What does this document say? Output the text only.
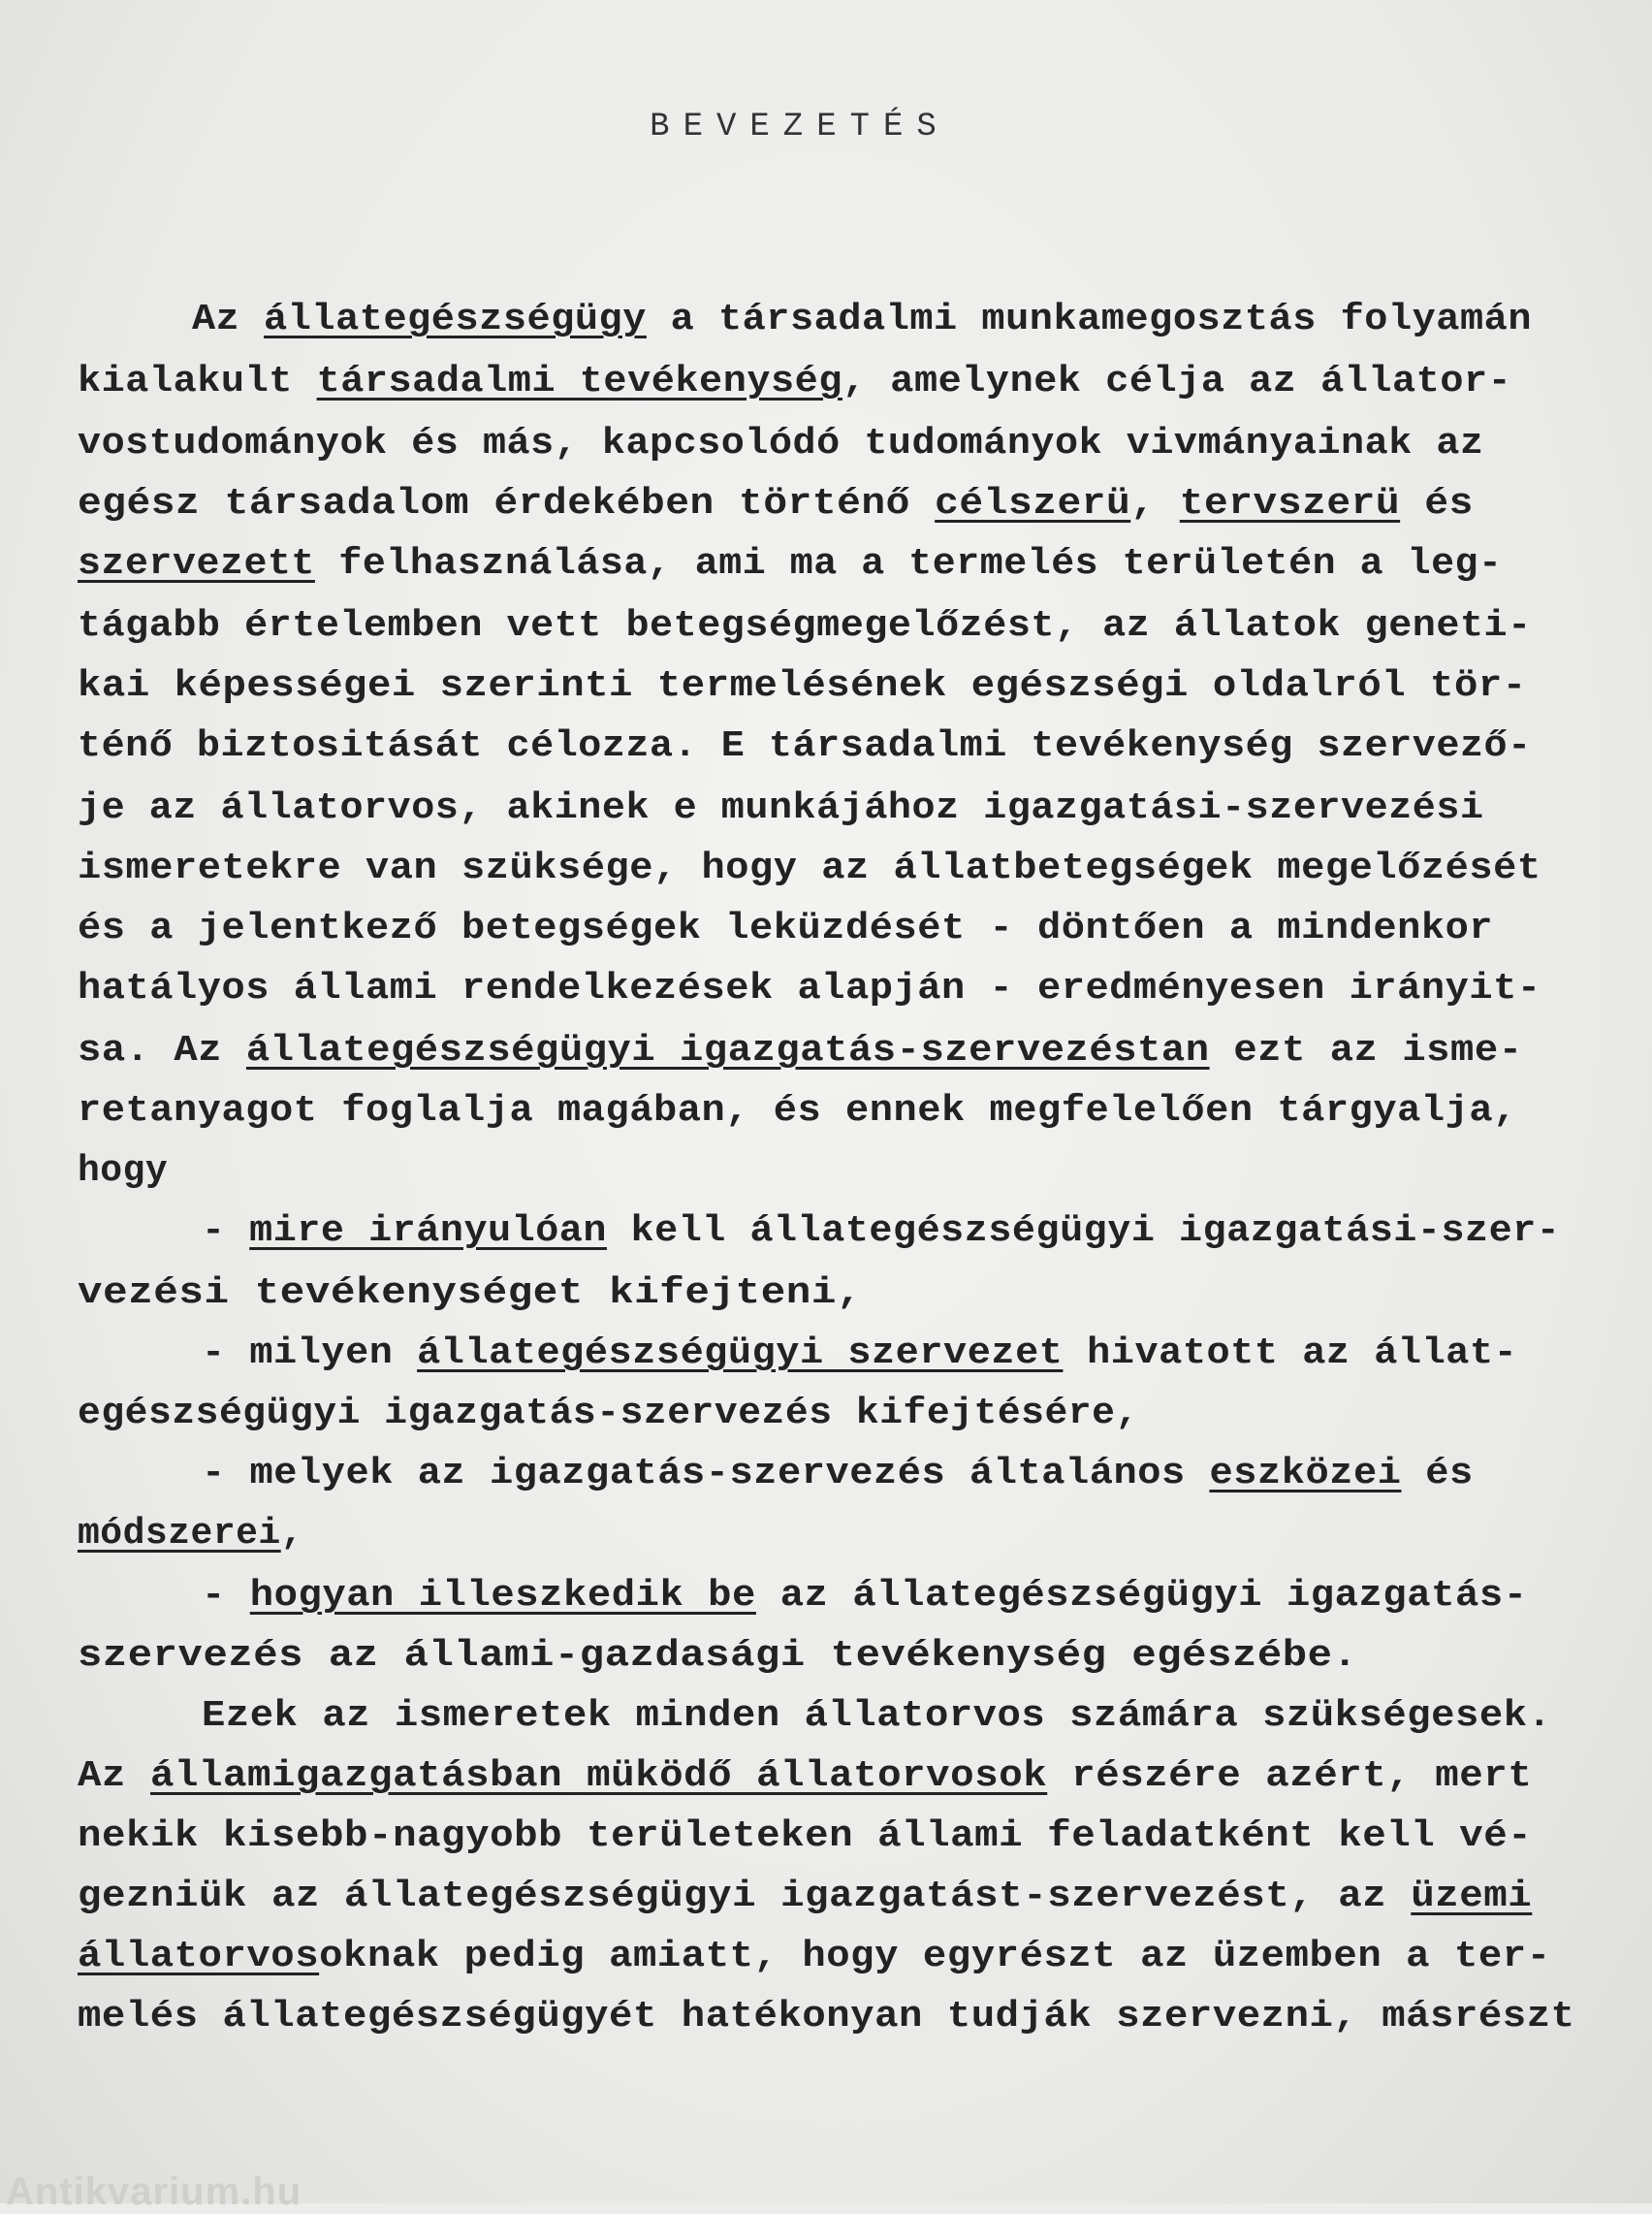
BEVEZETÉS
Az állategészségügy a társadalmi munkamegosztás folyamán
kialakult társadalmi tevékenység, amelynek célja az állator-
vostudományok és más, kapcsolódó tudományok vivmányainak az
egész társadalom érdekében történő célszerü, tervszerü és
szervezett felhasználása, ami ma a termelés területén a leg-
tágabb értelemben vett betegségmegelőzést, az állatok geneti-
kai képességei szerinti termelésének egészségi oldalról tör-
ténő biztositását célozza. E társadalmi tevékenység szervező-
je az állatorvos, akinek e munkájához igazgatási-szervezési
ismeretekre van szüksége, hogy az állatbetegségek megelőzését
és a jelentkező betegségek leküzdését - döntően a mindenkor
hatályos állami rendelkezések alapján - eredményesen irányit-
sa. Az állategészségügyi igazgatás-szervezéstan ezt az isme-
retanyagot foglalja magában, és ennek megfelelően tárgyalja,
hogy
- mire irányulóan kell állategészségügyi igazgatási-szer-
vezési tevékenységet kifejteni,
- milyen állategészségügyi szervezet hivatott az állat-
egészségügyi igazgatás-szervezés kifejtésére,
- melyek az igazgatás-szervezés általános eszközei és
módszerei,
- hogyan illeszkedik be az állategészségügyi igazgatás-
szervezés az állami-gazdasági tevékenység egészébe.
Ezek az ismeretek minden állatorvos számára szükségesek.
Az államigazgatásban müködő állatorvosok részére azért, mert
nekik kisebb-nagyobb területeken állami feladatként kell vé-
gezniük az állategészségügyi igazgatást-szervezést, az üzemi
állatorvosoknak pedig amiatt, hogy egyrészt az üzemben a ter-
melés állategészségügyét hatékonyan tudják szervezni, másrészt
Antikvarium.hu
